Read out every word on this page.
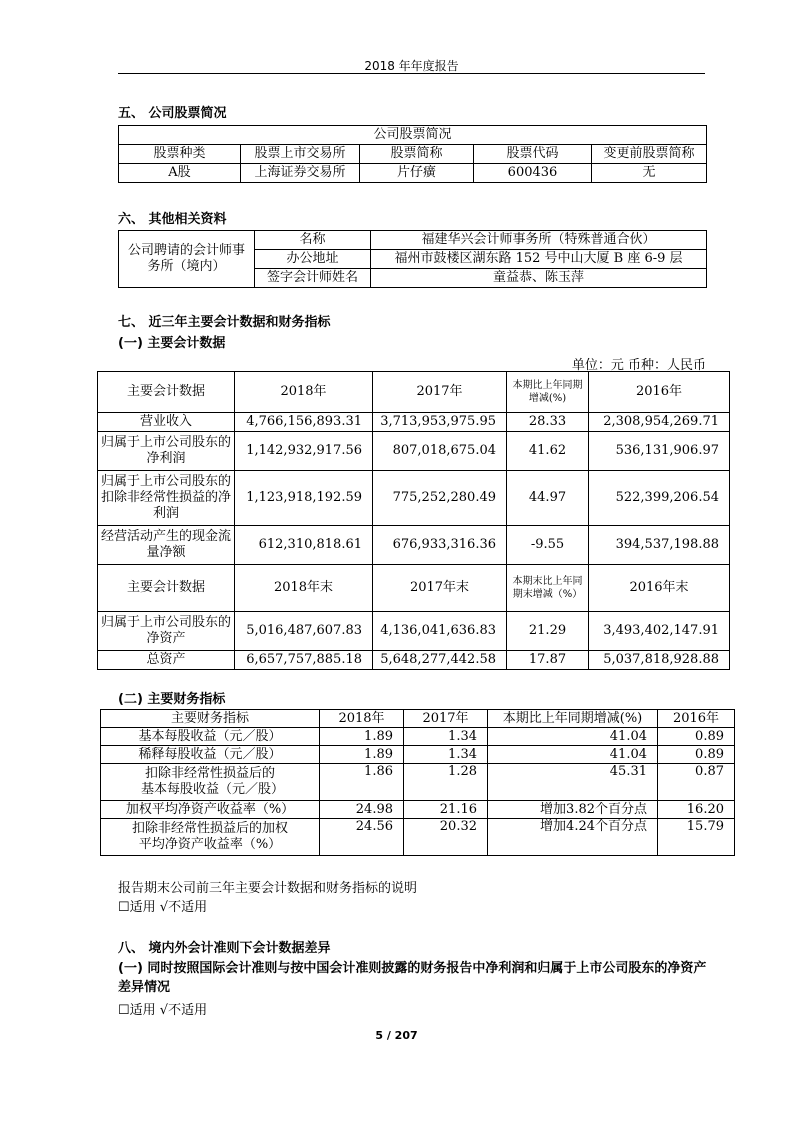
2018 年年度报告
五、 公司股票简况
公司股票简况				
股票种类	股票上市交易所	股票简称	股票代码	变更前股票简称
A股	上海证券交易所	片仔癀	600436	无
六、 其他相关资料
公司聘请的会计师事务所（境内）	名称	福建华兴会计师事务所（特殊普通合伙）
	办公地址	福州市鼓楼区湖东路 152 号中山大厦 B 座 6-9 层
	签字会计师姓名	童益恭、陈玉萍
七、 近三年主要会计数据和财务指标
(一) 主要会计数据
单位：元 币种：人民币
主要会计数据	2018年	2017年	本期比上年同期增减(%)	2016年
营业收入	4,766,156,893.31	3,713,953,975.95	28.33	2,308,954,269.71
归属于上市公司股东的净利润	1,142,932,917.56	807,018,675.04	41.62	536,131,906.97
归属于上市公司股东的扣除非经常性损益的净利润	1,123,918,192.59	775,252,280.49	44.97	522,399,206.54
经营活动产生的现金流量净额	612,310,818.61	676,933,316.36	-9.55	394,537,198.88
主要会计数据	2018年末	2017年末	本期末比上年同期末增减（%）	2016年末
归属于上市公司股东的净资产	5,016,487,607.83	4,136,041,636.83	21.29	3,493,402,147.91
总资产	6,657,757,885.18	5,648,277,442.58	17.87	5,037,818,928.88
(二) 主要财务指标
主要财务指标	2018年	2017年	本期比上年同期增减(%)	2016年
基本每股收益（元／股）	1.89	1.34	41.04	0.89
稀释每股收益（元／股）	1.89	1.34	41.04	0.89
扣除非经常性损益后的基本每股收益（元／股）	1.86	1.28	45.31	0.87
加权平均净资产收益率（%）	24.98	21.16	增加3.82个百分点	16.20
扣除非经常性损益后的加权平均净资产收益率（%）	24.56	20.32	增加4.24个百分点	15.79
报告期末公司前三年主要会计数据和财务指标的说明
☐适用 √不适用
八、 境内外会计准则下会计数据差异
(一) 同时按照国际会计准则与按中国会计准则披露的财务报告中净利润和归属于上市公司股东的净资产差异情况
☐适用 √不适用
5 / 207
